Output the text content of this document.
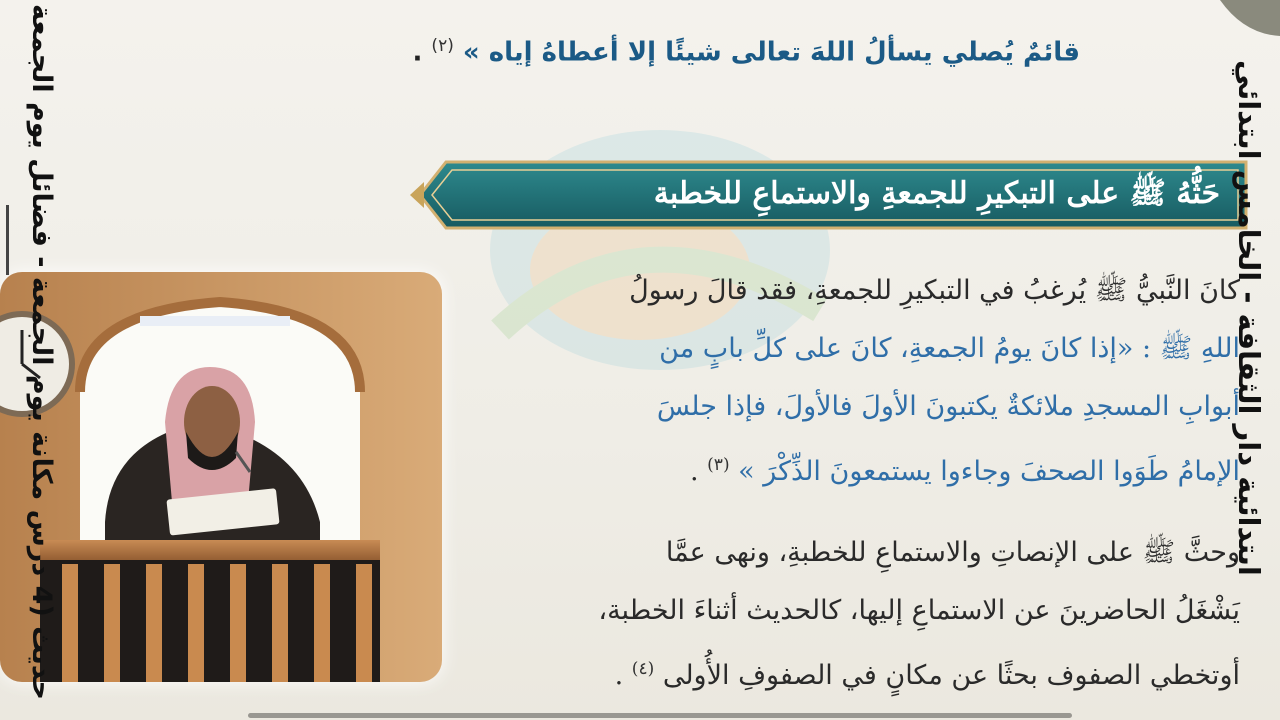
قائمٌ يُصلي يسألُ اللهَ تعالى شيئًا إلا أعطاهُ إياه » $^{(٢)}$ .
حَثُّهُ ﷺ على التبكيرِ للجمعةِ والاستماعِ للخطبة

كانَ النَّبيُّ ﷺ يُرغبُ في التبكيرِ للجمعةِ، فقد قالَ رسولُ

اللهِ ﷺ : «إذا كانَ يومُ الجمعةِ، كانَ على كلِّ بابٍ من

أبوابِ المسجدِ ملائكةٌ يكتبونَ الأولَ فالأولَ، فإذا جلسَ

الإمامُ طَوَوا الصحفَ وجاءوا يستمعونَ الذِّكْرَ » $^{(٣)}$ .

وحثَّ ﷺ على الإنصاتِ والاستماعِ للخطبةِ، ونهى عمَّا

يَشْغَلُ الحاضرينَ عن الاستماعِ إليها، كالحديث أثناءَ الخطبة،

أوتخطي الصفوف بحثًا عن مكانٍ في الصفوفِ الأُولى $^{(٤)}$ .

حديث (4 درس مكانة يوم الجمعة - فضائل يوم الجمعة
ابتدائية دار الثقافة - الخامس ابتدائي
